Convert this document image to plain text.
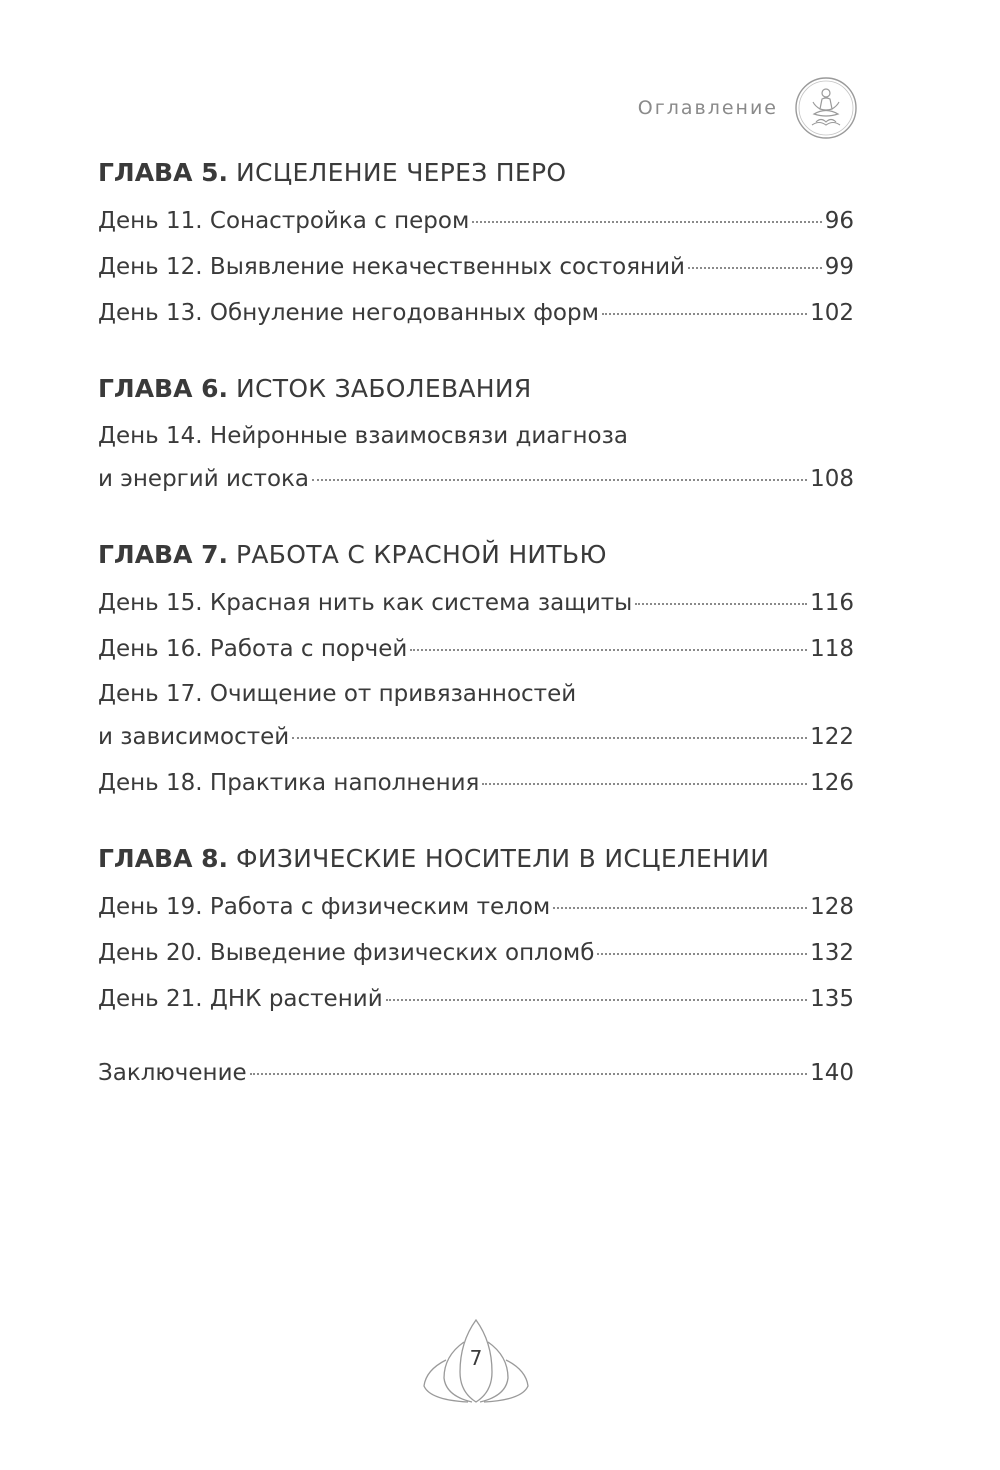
Оглавление
ГЛАВА 5. ИСЦЕЛЕНИЕ ЧЕРЕЗ ПЕРО
День 11. Сонастройка с пером	96
День 12. Выявление некачественных состояний	99
День 13. Обнуление негодованных форм	102
ГЛАВА 6. ИСТОК ЗАБОЛЕВАНИЯ
День 14. Нейронные взаимосвязи диагноза
и энергий истока	108
ГЛАВА 7. РАБОТА С КРАСНОЙ НИТЬЮ
День 15. Красная нить как система защиты	116
День 16. Работа с порчей	118
День 17. Очищение от привязанностей
и зависимостей	122
День 18. Практика наполнения	126
ГЛАВА 8. ФИЗИЧЕСКИЕ НОСИТЕЛИ В ИСЦЕЛЕНИИ
День 19. Работа с физическим телом	128
День 20. Выведение физических опломб	132
День 21. ДНК растений	135
Заключение	140
7
